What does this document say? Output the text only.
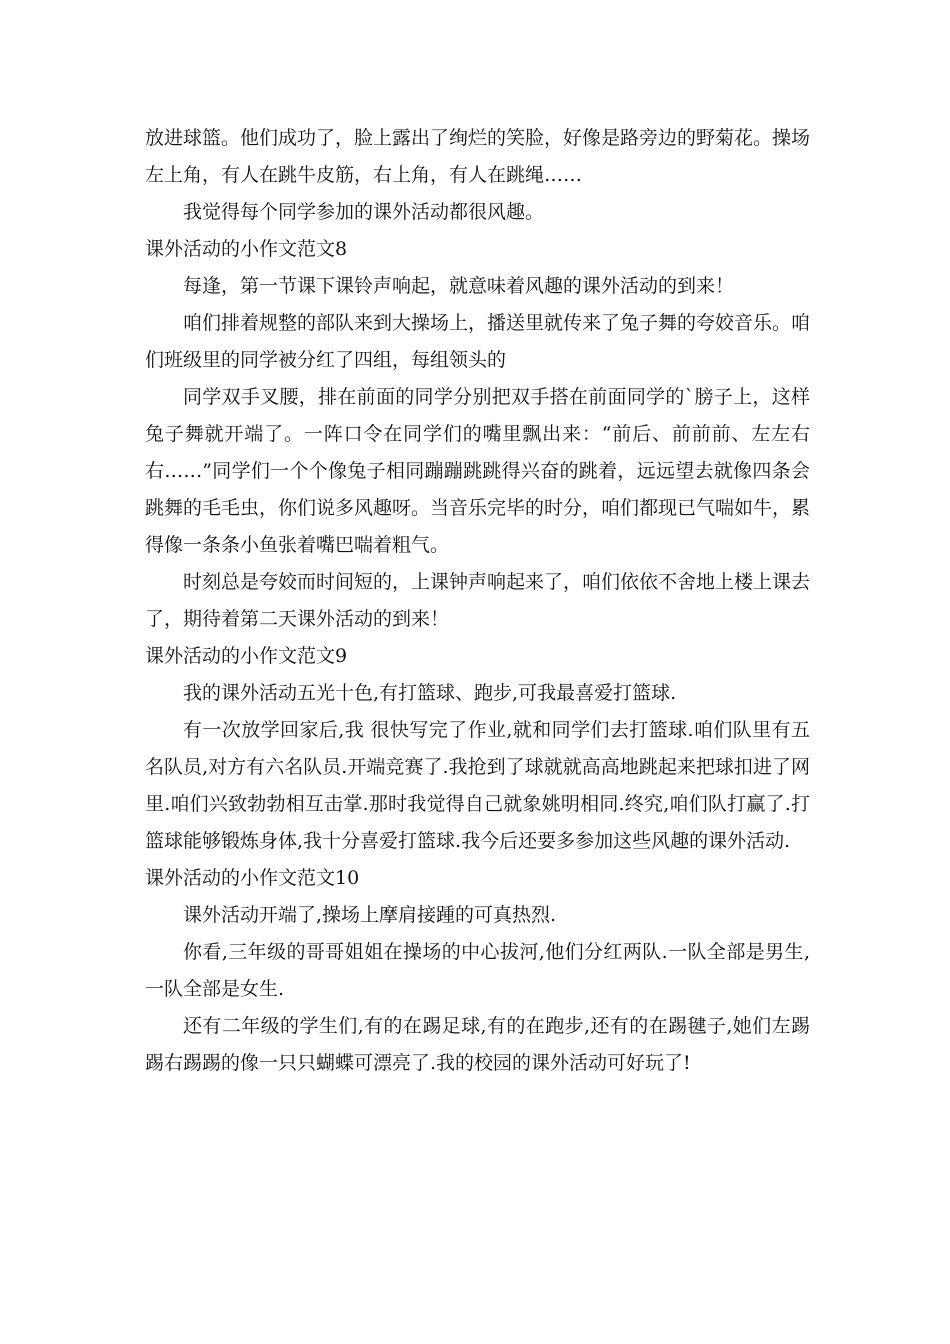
放进球篮。他们成功了，脸上露出了绚烂的笑脸，好像是路旁边的野菊花。操场左上角，有人在跳牛皮筋，右上角，有人在跳绳……

我觉得每个同学参加的课外活动都很风趣。

课外活动的小作文范文8

每逢，第一节课下课铃声响起，就意味着风趣的课外活动的到来！

咱们排着规整的部队来到大操场上，播送里就传来了兔子舞的夸姣音乐。咱们班级里的同学被分红了四组，每组领头的

同学双手叉腰，排在前面的同学分别把双手搭在前面同学的`膀子上，这样兔子舞就开端了。一阵口令在同学们的嘴里飘出来：“前后、前前前、左左右右……”同学们一个个像兔子相同蹦蹦跳跳得兴奋的跳着，远远望去就像四条会跳舞的毛毛虫，你们说多风趣呀。当音乐完毕的时分，咱们都现已气喘如牛，累得像一条条小鱼张着嘴巴喘着粗气。

时刻总是夸姣而时间短的，上课钟声响起来了，咱们依依不舍地上楼上课去了，期待着第二天课外活动的到来！

课外活动的小作文范文9

我的课外活动五光十色,有打篮球、跑步,可我最喜爱打篮球.

有一次放学回家后,我 很快写完了作业,就和同学们去打篮球.咱们队里有五名队员,对方有六名队员.开端竞赛了.我抢到了球就就高高地跳起来把球扣进了网里.咱们兴致勃勃相互击掌.那时我觉得自己就象姚明相同.终究,咱们队打赢了.打篮球能够锻炼身体,我十分喜爱打篮球.我今后还要多参加这些风趣的课外活动.

课外活动的小作文范文10

课外活动开端了,操场上摩肩接踵的可真热烈.

你看,三年级的哥哥姐姐在操场的中心拔河,他们分红两队.一队全部是男生,一队全部是女生.

还有二年级的学生们,有的在踢足球,有的在跑步,还有的在踢毽子,她们左踢踢右踢踢的像一只只蝴蝶可漂亮了.我的校园的课外活动可好玩了!
